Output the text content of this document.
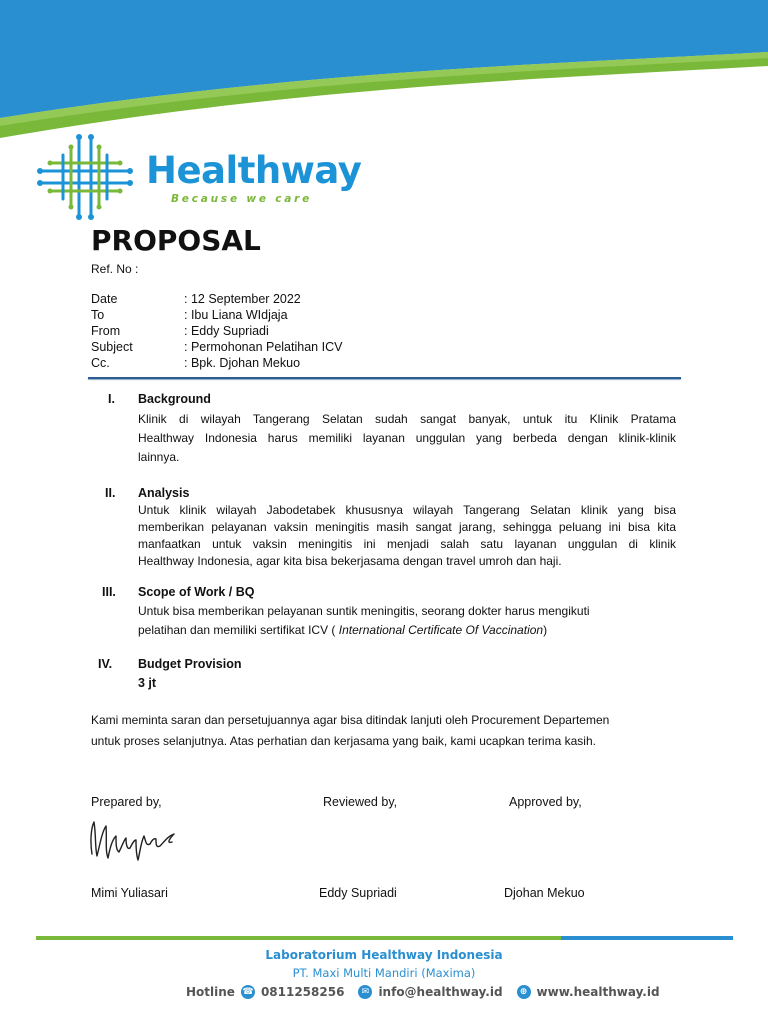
Healthway
Because we care
PROPOSAL
Ref. No :
Date	: 12 September 2022
To	: Ibu Liana WIdjaja
From	: Eddy Supriadi
Subject	: Permohonan Pelatihan ICV
Cc.	: Bpk. Djohan Mekuo
I. Background
Klinik di wilayah Tangerang Selatan sudah sangat banyak, untuk itu Klinik Pratama
Healthway Indonesia harus memiliki layanan unggulan yang berbeda dengan klinik-klinik
lainnya.
II. Analysis
Untuk klinik wilayah Jabodetabek khususnya wilayah Tangerang Selatan klinik yang bisa
memberikan pelayanan vaksin meningitis masih sangat jarang, sehingga peluang ini bisa kita
manfaatkan untuk vaksin meningitis ini menjadi salah satu layanan unggulan di klinik
Healthway Indonesia, agar kita bisa bekerjasama dengan travel umroh dan haji.
III. Scope of Work / BQ
Untuk bisa memberikan pelayanan suntik meningitis, seorang dokter harus mengikuti
pelatihan dan memiliki sertifikat ICV ( International Certificate Of Vaccination)
IV. Budget Provision
3 jt
Kami meminta saran dan persetujuannya agar bisa ditindak lanjuti oleh Procurement Departemen
untuk proses selanjutnya. Atas perhatian dan kerjasama yang baik, kami ucapkan terima kasih.
Prepared by,	Reviewed by,	Approved by,
Mimi Yuliasari	Eddy Supriadi	Djohan Mekuo
Laboratorium Healthway Indonesia
PT. Maxi Multi Mandiri (Maxima)
Hotline ☎ 0811258256	✉ info@healthway.id	⊕ www.healthway.id
